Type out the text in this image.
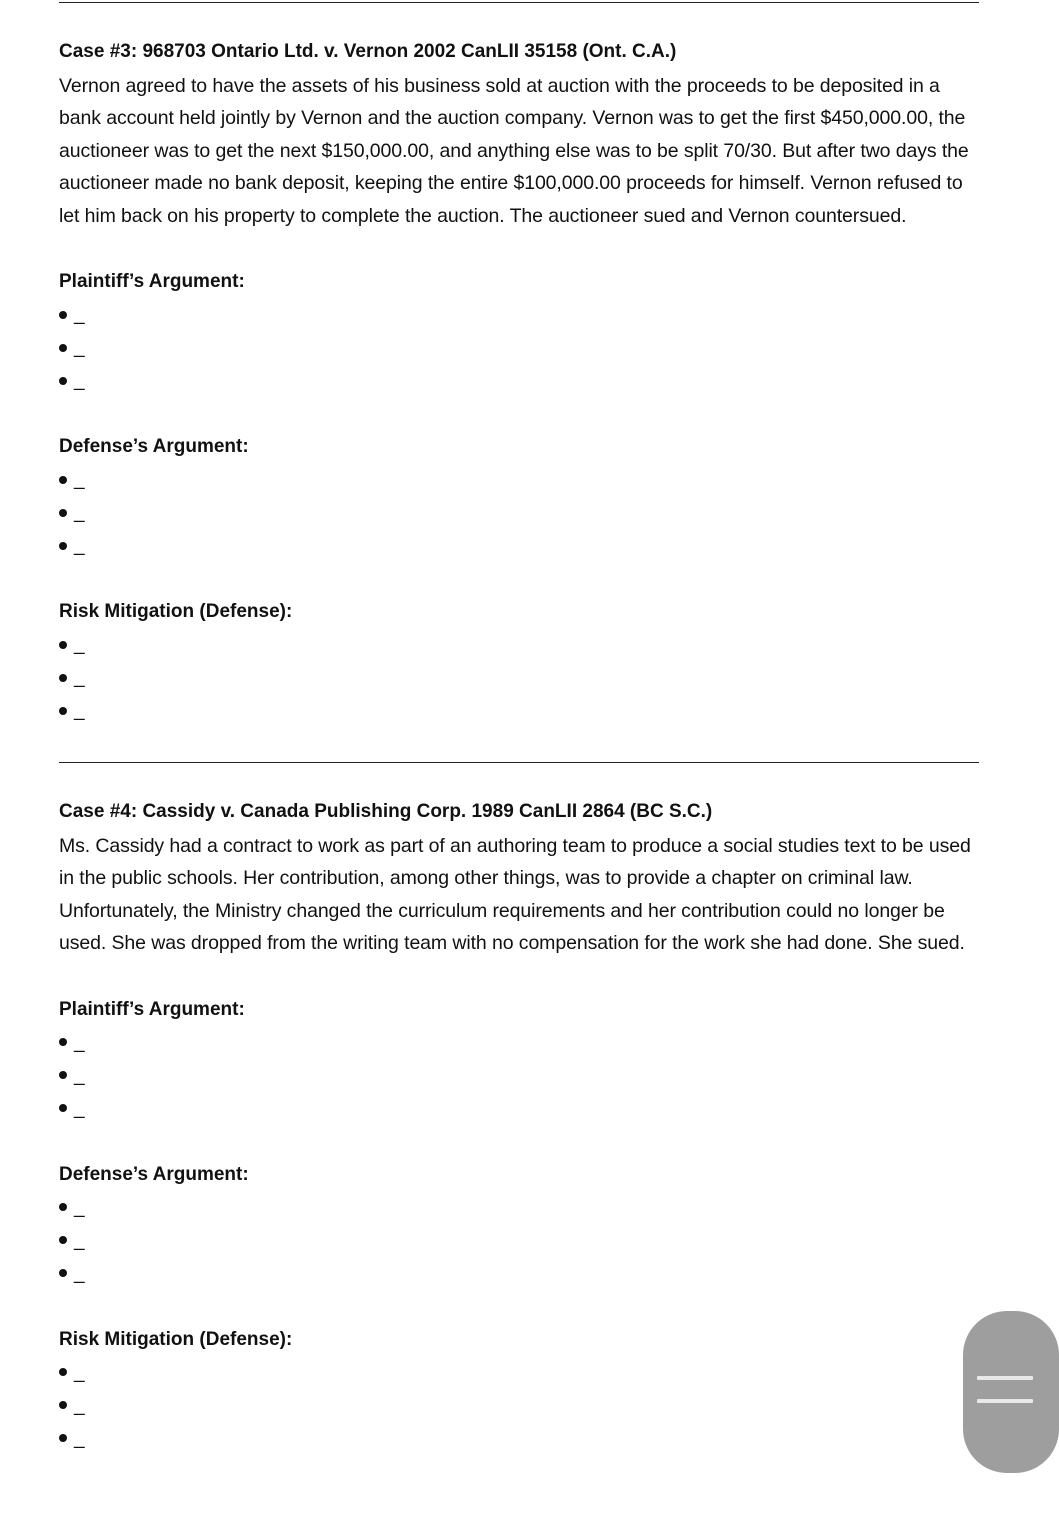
Case #3: 968703 Ontario Ltd. v. Vernon 2002 CanLII 35158 (Ont. C.A.)

Vernon agreed to have the assets of his business sold at auction with the proceeds to be deposited in a bank account held jointly by Vernon and the auction company. Vernon was to get the first $450,000.00, the auctioneer was to get the next $150,000.00, and anything else was to be split 70/30. But after two days the auctioneer made no bank deposit, keeping the entire $100,000.00 proceeds for himself. Vernon refused to let him back on his property to complete the auction. The auctioneer sued and Vernon countersued.

Plaintiff’s Argument:

_
_
_

Defense’s Argument:

_
_
_

Risk Mitigation (Defense):

_
_
_

Case #4: Cassidy v. Canada Publishing Corp. 1989 CanLII 2864 (BC S.C.)

Ms. Cassidy had a contract to work as part of an authoring team to produce a social studies text to be used in the public schools. Her contribution, among other things, was to provide a chapter on criminal law. Unfortunately, the Ministry changed the curriculum requirements and her contribution could no longer be used. She was dropped from the writing team with no compensation for the work she had done. She sued.

Plaintiff’s Argument:

_
_
_

Defense’s Argument:

_
_
_

Risk Mitigation (Defense):

_
_
_
